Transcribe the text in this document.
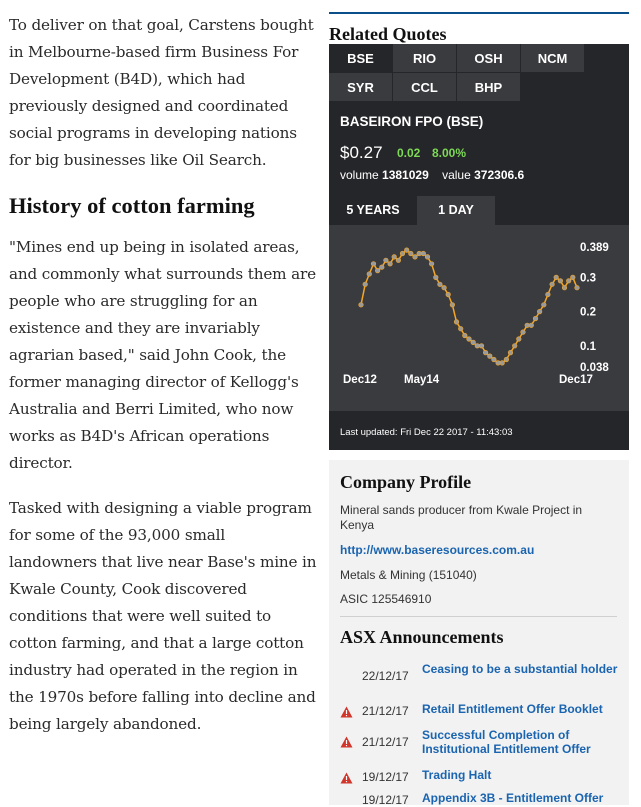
To deliver on that goal, Carstens bought in Melbourne-based firm Business For Development (B4D), which had previously designed and coordinated social programs in developing nations for big businesses like Oil Search.

History of cotton farming

"Mines end up being in isolated areas, and commonly what surrounds them are people who are struggling for an existence and they are invariably agrarian based," said John Cook, the former managing director of Kellogg's Australia and Berri Limited, who now works as B4D's African operations director.

Tasked with designing a viable program for some of the 93,000 small landowners that live near Base's mine in Kwale County, Cook discovered conditions that were well suited to cotton farming, and that a large cotton industry had operated in the region in the 1970s before falling into decline and being largely abandoned.

Related Quotes
BSE	RIO	OSH	NCM
SYR	CCL	BHP
BASEIRON FPO (BSE)
$0.27 0.02 8.00%
volume 1381029 value 372306.6
5 YEARS	1 DAY
0.389
0.3
0.2
0.1
0.038
Dec12 May14	Dec17
Last updated: Fri Dec 22 2017 - 11:43:03
Company Profile
Mineral sands producer from Kwale Project in Kenya
http://www.baseresources.com.au
Metals & Mining (151040)
ASIC 125546910
ASX Announcements
22/12/17 Ceasing to be a substantial holder
21/12/17 Retail Entitlement Offer Booklet
21/12/17 Successful Completion of Institutional Entitlement Offer
19/12/17 Trading Halt
19/12/17 Appendix 3B - Entitlement Offer
